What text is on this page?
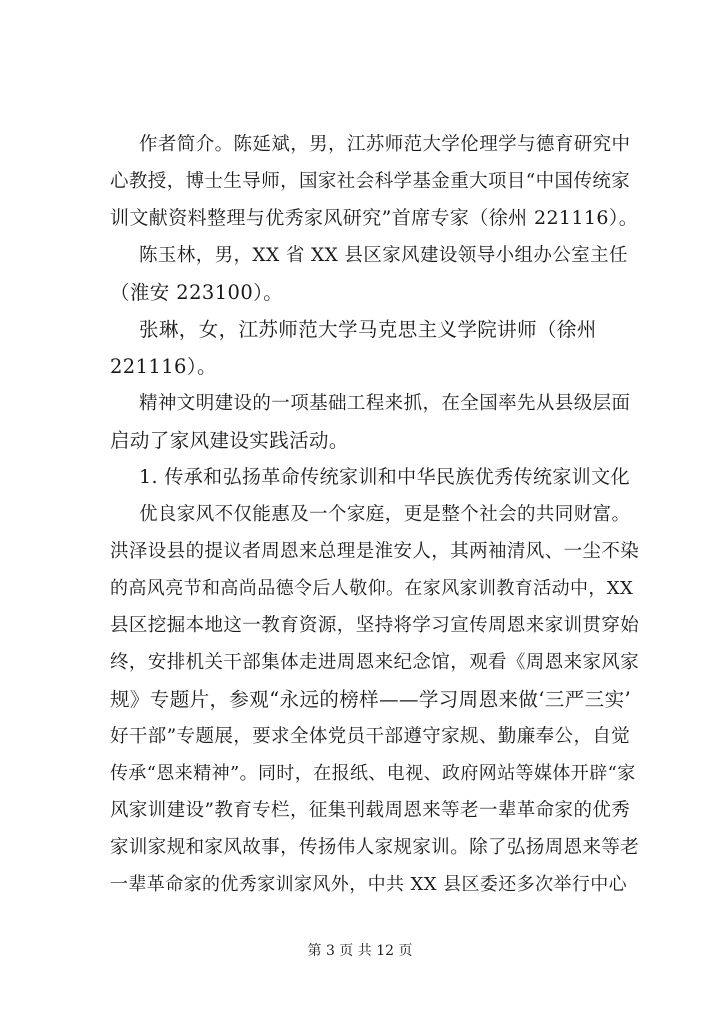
作者简介。陈延斌，男，江苏师范大学伦理学与德育研究中
心教授，博士生导师，国家社会科学基金重大项目“中国传统家
训文献资料整理与优秀家风研究”首席专家（徐州 221116）。
陈玉林，男，XX 省 XX 县区家风建设领导小组办公室主任
（淮安 223100）。
张琳，女，江苏师范大学马克思主义学院讲师（徐州
221116）。
精神文明建设的一项基础工程来抓，在全国率先从县级层面
启动了家风建设实践活动。
1. 传承和弘扬革命传统家训和中华民族优秀传统家训文化
优良家风不仅能惠及一个家庭，更是整个社会的共同财富。
洪泽设县的提议者周恩来总理是淮安人，其两袖清风、一尘不染
的高风亮节和高尚品德令后人敬仰。在家风家训教育活动中，XX
县区挖掘本地这一教育资源，坚持将学习宣传周恩来家训贯穿始
终，安排机关干部集体走进周恩来纪念馆，观看《周恩来家风家
规》专题片，参观“永远的榜样——学习周恩来做‘三严三实’
好干部”专题展，要求全体党员干部遵守家规、勤廉奉公，自觉
传承“恩来精神”。同时，在报纸、电视、政府网站等媒体开辟“家
风家训建设”教育专栏，征集刊载周恩来等老一辈革命家的优秀
家训家规和家风故事，传扬伟人家规家训。除了弘扬周恩来等老
一辈革命家的优秀家训家风外，中共 XX 县区委还多次举行中心
第 3 页 共 12 页
